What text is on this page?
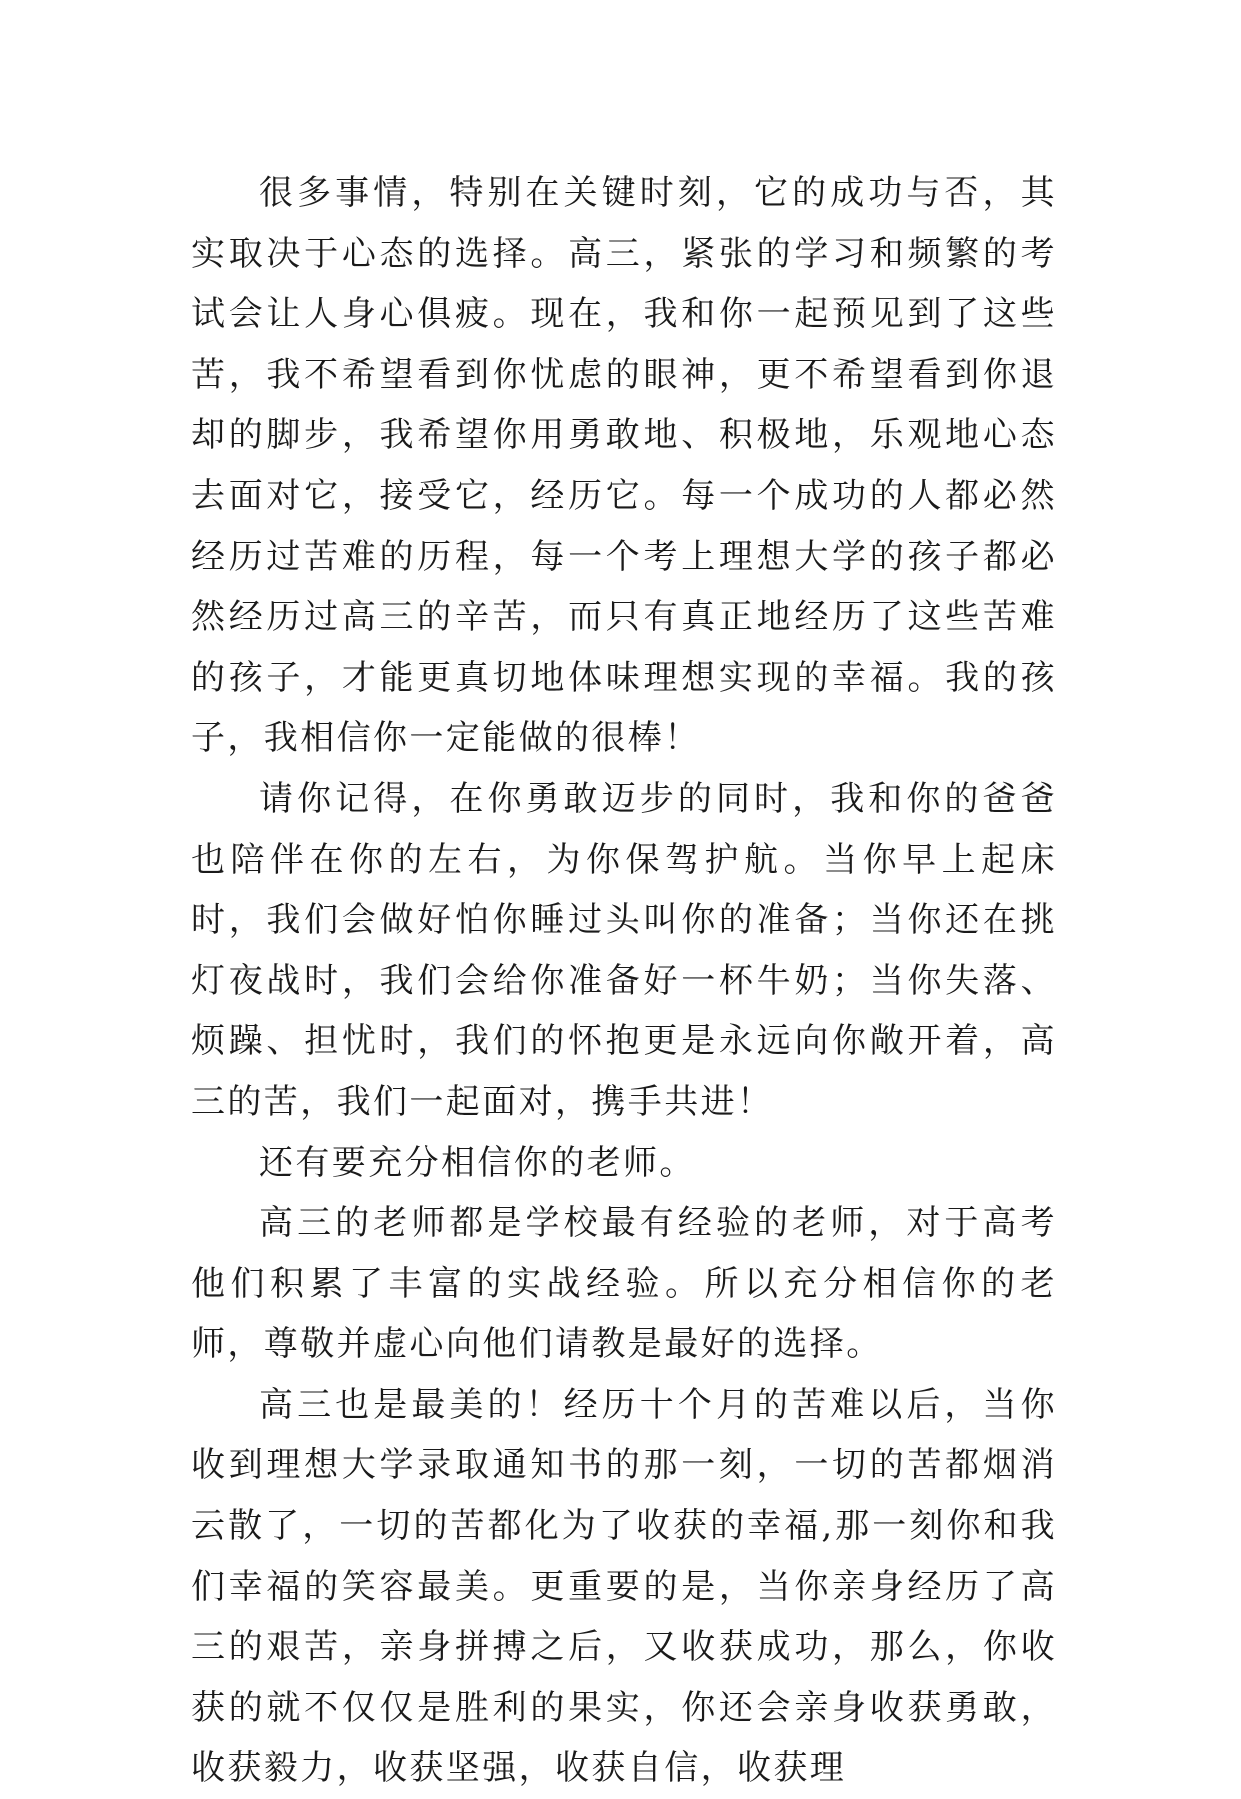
很多事情，特别在关键时刻，它的成功与否，其实取决于心态的选择。高三，紧张的学习和频繁的考试会让人身心俱疲。现在，我和你一起预见到了这些苦，我不希望看到你忧虑的眼神，更不希望看到你退却的脚步，我希望你用勇敢地、积极地，乐观地心态去面对它，接受它，经历它。每一个成功的人都必然经历过苦难的历程，每一个考上理想大学的孩子都必然经历过高三的辛苦，而只有真正地经历了这些苦难的孩子，才能更真切地体味理想实现的幸福。我的孩子，我相信你一定能做的很棒！

请你记得，在你勇敢迈步的同时，我和你的爸爸也陪伴在你的左右，为你保驾护航。当你早上起床时，我们会做好怕你睡过头叫你的准备；当你还在挑灯夜战时，我们会给你准备好一杯牛奶；当你失落、烦躁、担忧时，我们的怀抱更是永远向你敞开着，高三的苦，我们一起面对，携手共进！

还有要充分相信你的老师。

高三的老师都是学校最有经验的老师，对于高考他们积累了丰富的实战经验。所以充分相信你的老师，尊敬并虚心向他们请教是最好的选择。

高三也是最美的！经历十个月的苦难以后，当你收到理想大学录取通知书的那一刻，一切的苦都烟消云散了，一切的苦都化为了收获的幸福,那一刻你和我们幸福的笑容最美。更重要的是，当你亲身经历了高三的艰苦，亲身拼搏之后，又收获成功，那么，你收获的就不仅仅是胜利的果实，你还会亲身收获勇敢，收获毅力，收获坚强，收获自信，收获理
